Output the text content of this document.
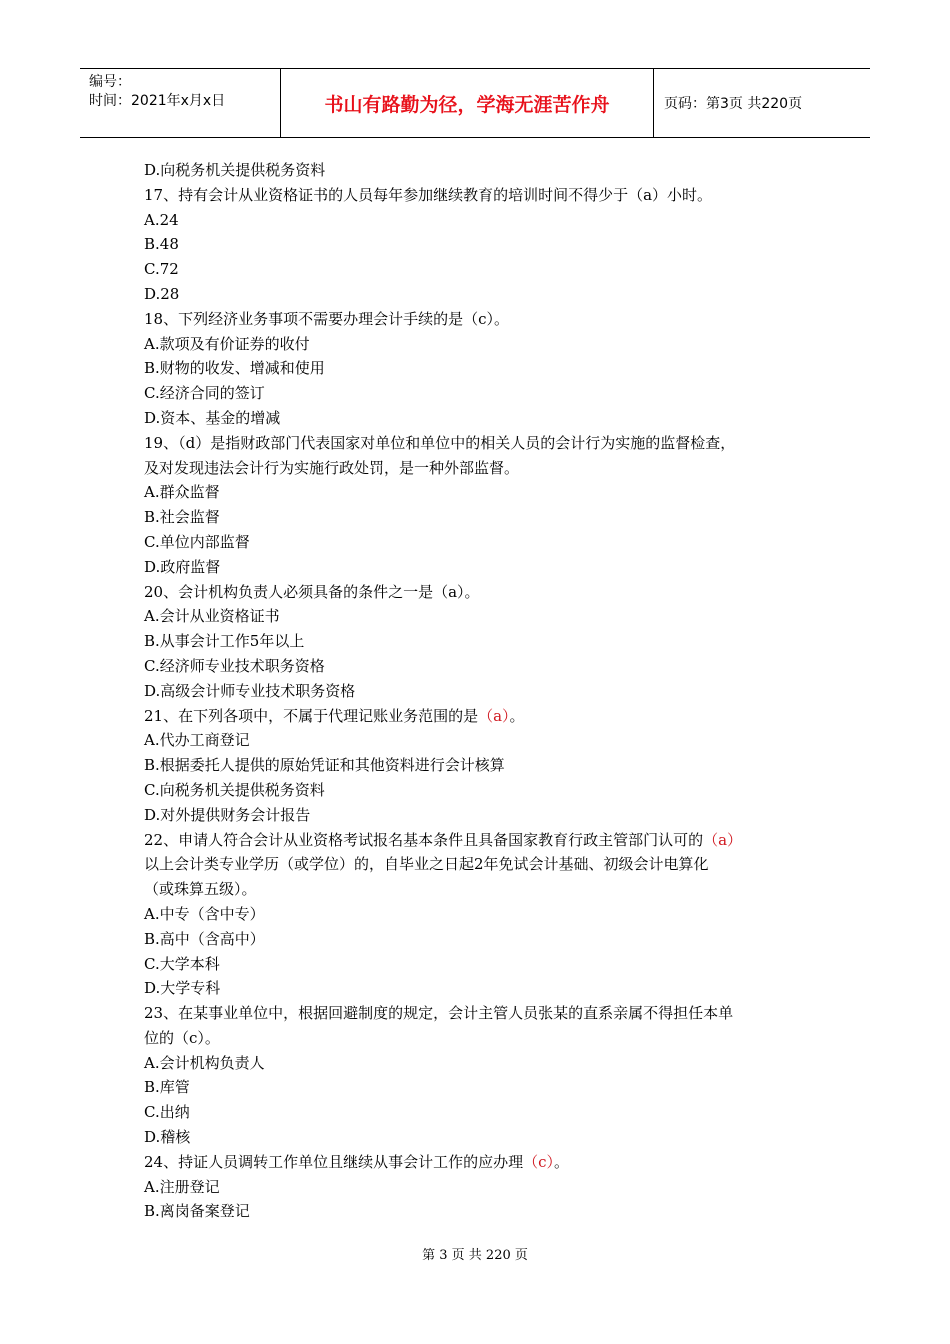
编号：
时间：2021年x月x日	书山有路勤为径，学海无涯苦作舟	页码：第3页 共220页
D.向税务机关提供税务资料
17、持有会计从业资格证书的人员每年参加继续教育的培训时间不得少于（a）小时。
A.24
B.48
C.72
D.28
18、下列经济业务事项不需要办理会计手续的是（c）。
A.款项及有价证券的收付
B.财物的收发、增减和使用
C.经济合同的签订
D.资本、基金的增减
19、（d）是指财政部门代表国家对单位和单位中的相关人员的会计行为实施的监督检查，
及对发现违法会计行为实施行政处罚，是一种外部监督。
A.群众监督
B.社会监督
C.单位内部监督
D.政府监督
20、会计机构负责人必须具备的条件之一是（a）。
A.会计从业资格证书
B.从事会计工作5年以上
C.经济师专业技术职务资格
D.高级会计师专业技术职务资格
21、在下列各项中，不属于代理记账业务范围的是（a）。
A.代办工商登记
B.根据委托人提供的原始凭证和其他资料进行会计核算
C.向税务机关提供税务资料
D.对外提供财务会计报告
22、申请人符合会计从业资格考试报名基本条件且具备国家教育行政主管部门认可的（a）
以上会计类专业学历（或学位）的，自毕业之日起2年免试会计基础、初级会计电算化
（或珠算五级）。
A.中专（含中专）
B.高中（含高中）
C.大学本科
D.大学专科
23、在某事业单位中，根据回避制度的规定，会计主管人员张某的直系亲属不得担任本单
位的（c）。
A.会计机构负责人
B.库管
C.出纳
D.稽核
24、持证人员调转工作单位且继续从事会计工作的应办理（c）。
A.注册登记
B.离岗备案登记
第 3 页 共 220 页
